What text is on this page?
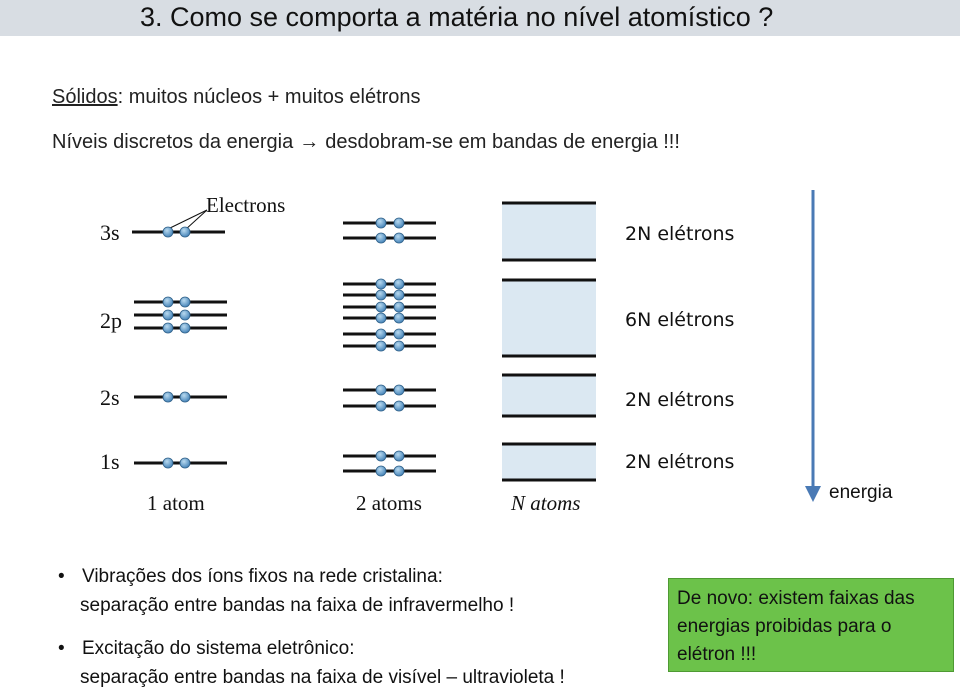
3. Como se comporta a matéria no nível atomístico ?
Sólidos: muitos núcleos + muitos elétrons
Níveis discretos da energia → desdobram-se em bandas de energia !!!
3s
2p
2s
1s
Electrons
1 atom	2 atoms	N atoms
2N elétrons
6N elétrons
2N elétrons
2N elétrons
energia
• Vibrações dos íons fixos na rede cristalina:
separação entre bandas na faixa de infravermelho !
• Excitação do sistema eletrônico:
separação entre bandas na faixa de visível – ultravioleta !
De novo: existem faixas das
energias proibidas para o
elétron !!!
